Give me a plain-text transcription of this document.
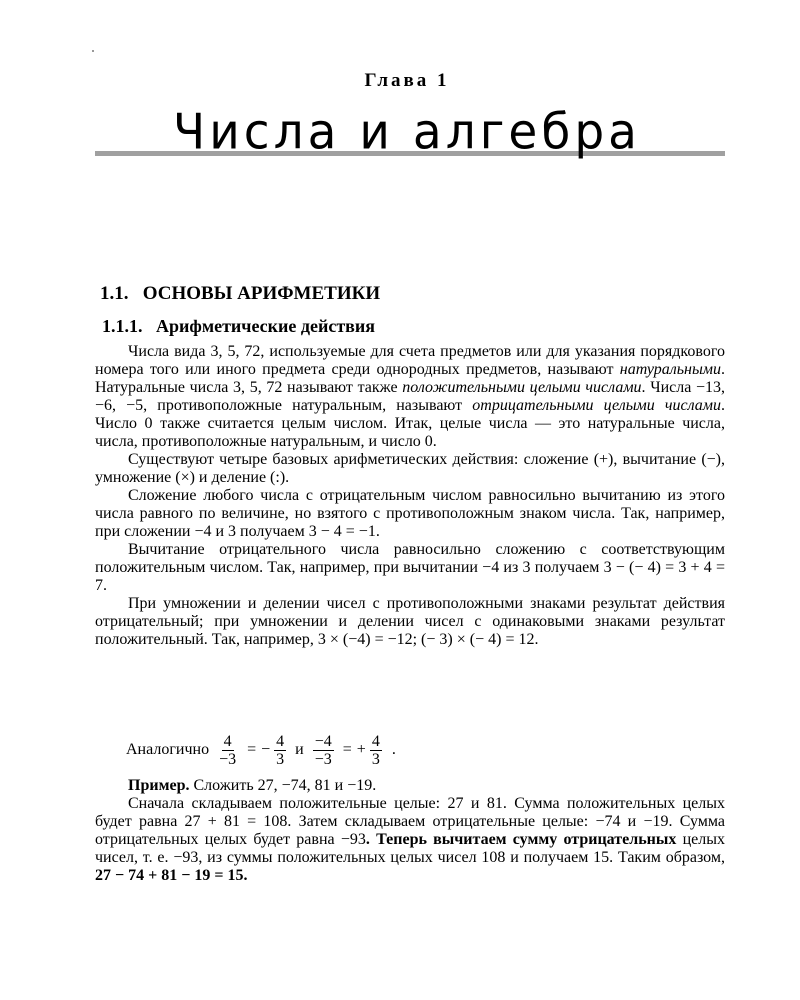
Глава 1
Числа и алгебра
1.1.   ОСНОВЫ АРИФМЕТИКИ
1.1.1.   Арифметические действия

Числа вида 3, 5, 72, используемые для счета предметов или для указания порядкового номера того или иного предмета среди однородных предметов, называют натуральными. Натуральные числа 3, 5, 72 называют также положительными целыми числами. Числа −13, −6, −5, противоположные натуральным, называют отрицательными целыми числами. Число 0 также считается целым числом. Итак, целые числа — это натуральные числа, числа, противоположные натуральным, и число 0.

Существуют четыре базовых арифметических действия: сложение (+), вычитание (−), умножение (×) и деление (:).

Сложение любого числа с отрицательным числом равносильно вычитанию из этого числа равного по величине, но взятого с противоположным знаком числа. Так, например, при сложении −4 и 3 получаем 3 − 4 = −1.

Вычитание отрицательного числа равносильно сложению с соответствующим положительным числом. Так, например, при вычитании −4 из 3 получаем 3 − (− 4) = 3 + 4 = 7.

При умножении и делении чисел с противоположными знаками результат действия отрицательный; при умножении и делении чисел с одинаковыми знаками результат положительный. Так, например, 3 × (−4) = −12; (− 3) × (− 4) = 12.

Аналогично $\frac{4}{-3}$ = − $\frac{4}{3}$ и $\frac{-4}{-3}$ = + $\frac{4}{3}$ .

Пример. Сложить 27, −74, 81 и −19.

Сначала складываем положительные целые: 27 и 81. Сумма положительных целых будет равна 27 + 81 = 108. Затем складываем отрицательные целые: −74 и −19. Сумма отрицательных целых будет равна −93. Теперь вычитаем сумму отрицательных целых чисел, т. е. −93, из суммы положительных целых чисел 108 и получаем 15. Таким образом, 27 − 74 + 81 − 19 = 15.
